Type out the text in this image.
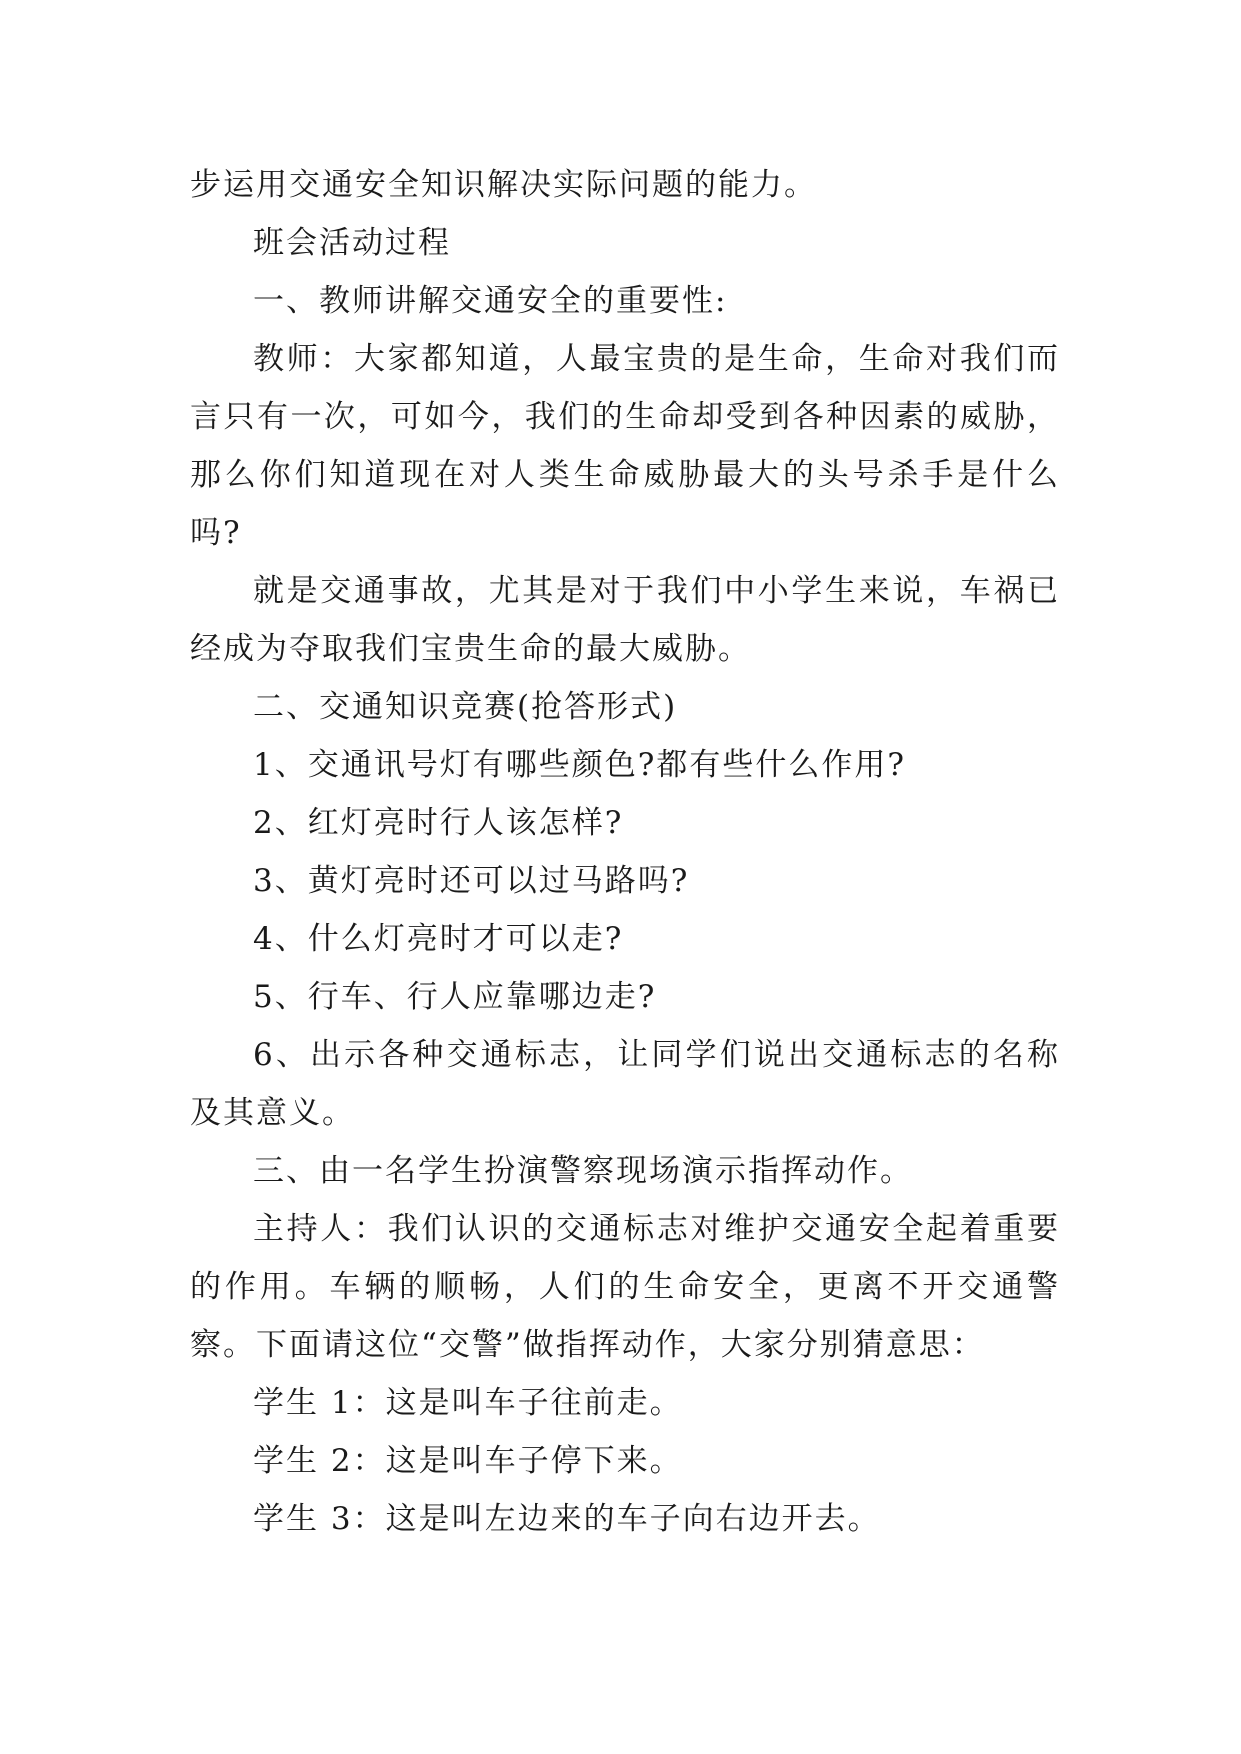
步运用交通安全知识解决实际问题的能力。

班会活动过程

一、教师讲解交通安全的重要性:

教师：大家都知道，人最宝贵的是生命，生命对我们而言只有一次，可如今，我们的生命却受到各种因素的威胁，那么你们知道现在对人类生命威胁最大的头号杀手是什么吗?

就是交通事故，尤其是对于我们中小学生来说，车祸已经成为夺取我们宝贵生命的最大威胁。

二、交通知识竞赛(抢答形式)

1、交通讯号灯有哪些颜色?都有些什么作用?

2、红灯亮时行人该怎样?

3、黄灯亮时还可以过马路吗?

4、什么灯亮时才可以走?

5、行车、行人应靠哪边走?

6、出示各种交通标志，让同学们说出交通标志的名称及其意义。

三、由一名学生扮演警察现场演示指挥动作。

主持人：我们认识的交通标志对维护交通安全起着重要的作用。车辆的顺畅，人们的生命安全，更离不开交通警察。下面请这位“交警”做指挥动作，大家分别猜意思：

学生 1：这是叫车子往前走。

学生 2：这是叫车子停下来。

学生 3：这是叫左边来的车子向右边开去。
